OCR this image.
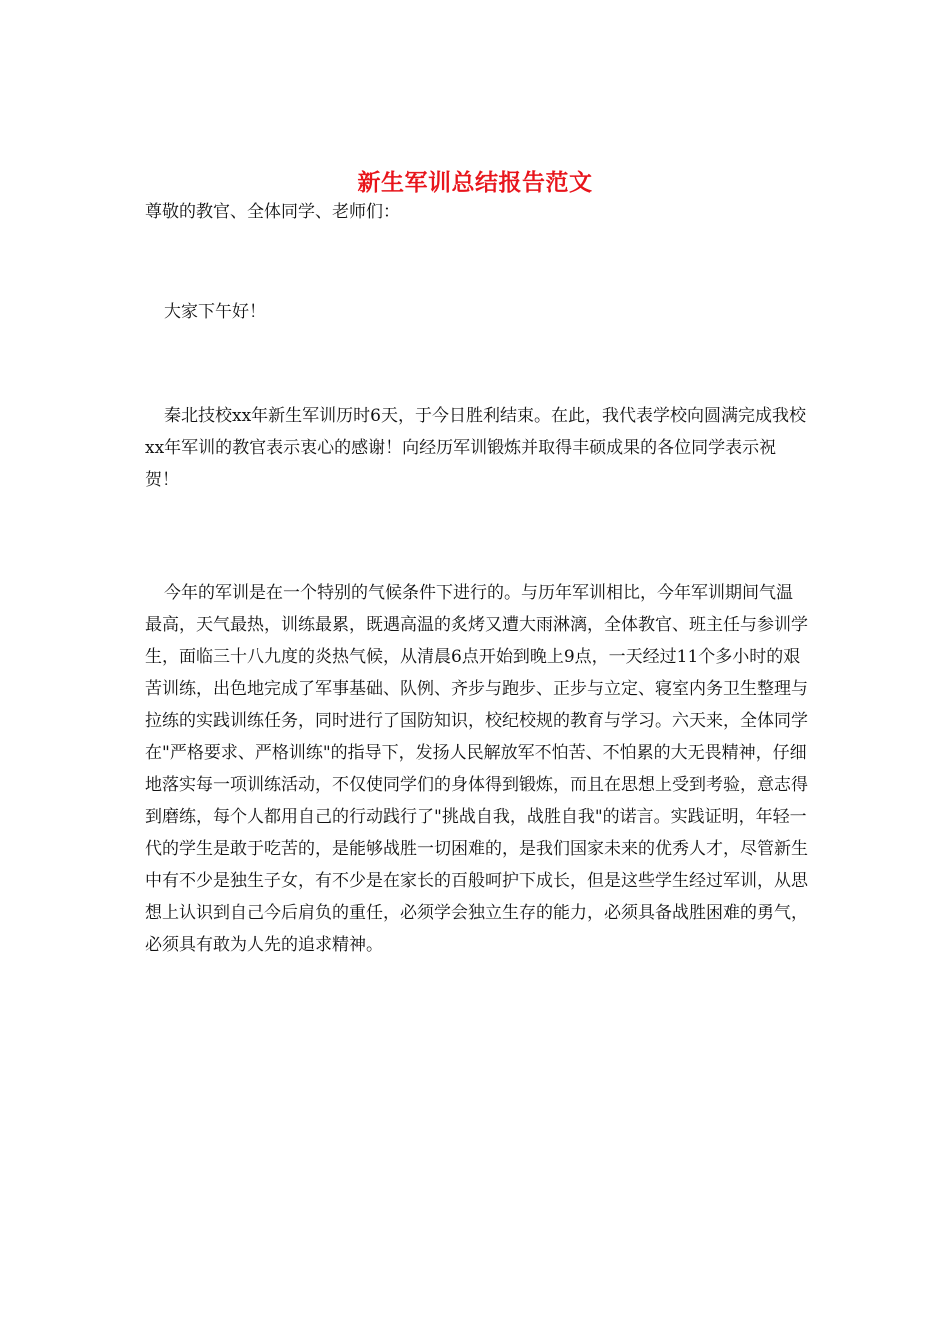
新生军训总结报告范文

尊敬的教官、全体同学、老师们：

大家下午好！

秦北技校xx年新生军训历时6天，于今日胜利结束。在此，我代表学校向圆满完成我校xx年军训的教官表示衷心的感谢！向经历军训锻炼并取得丰硕成果的各位同学表示祝贺！

今年的军训是在一个特别的气候条件下进行的。与历年军训相比，今年军训期间气温最高，天气最热，训练最累，既遇高温的炙烤又遭大雨淋漓，全体教官、班主任与参训学生，面临三十八九度的炎热气候，从清晨6点开始到晚上9点，一天经过11个多小时的艰苦训练，出色地完成了军事基础、队例、齐步与跑步、正步与立定、寝室内务卫生整理与拉练的实践训练任务，同时进行了国防知识，校纪校规的教育与学习。六天来，全体同学在"严格要求、严格训练"的指导下，发扬人民解放军不怕苦、不怕累的大无畏精神，仔细地落实每一项训练活动，不仅使同学们的身体得到锻炼，而且在思想上受到考验，意志得到磨练，每个人都用自己的行动践行了"挑战自我，战胜自我"的诺言。实践证明，年轻一代的学生是敢于吃苦的，是能够战胜一切困难的，是我们国家未来的优秀人才，尽管新生中有不少是独生子女，有不少是在家长的百般呵护下成长，但是这些学生经过军训，从思想上认识到自己今后肩负的重任，必须学会独立生存的能力，必须具备战胜困难的勇气，必须具有敢为人先的追求精神。
